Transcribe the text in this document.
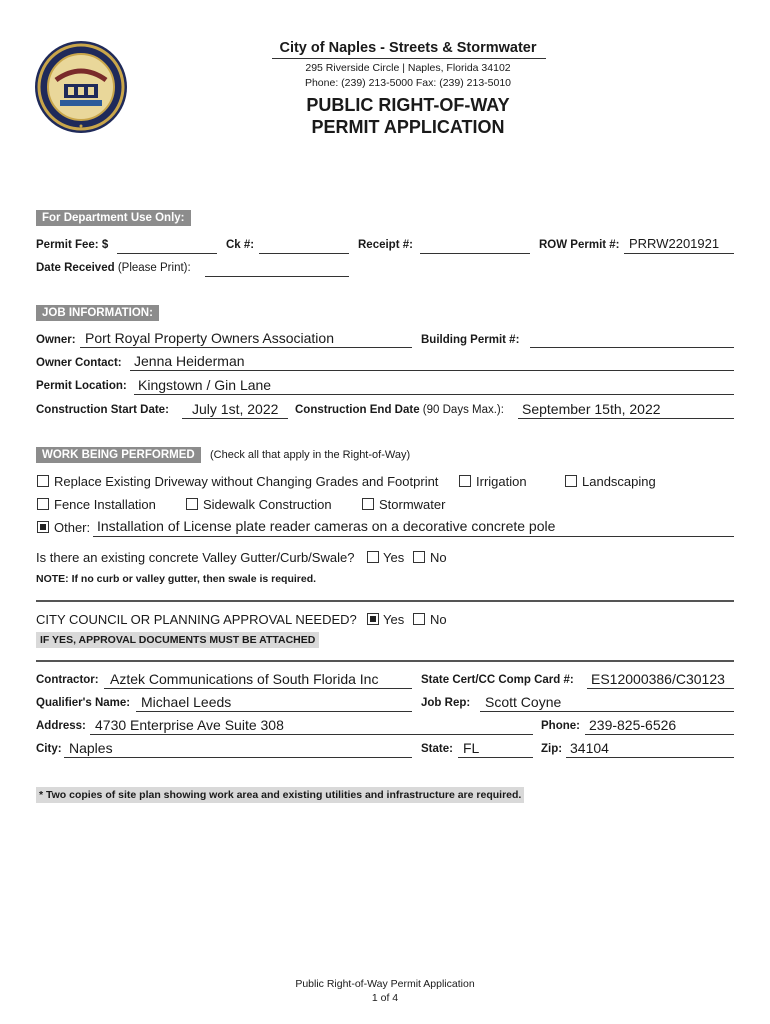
City of Naples - Streets & Stormwater
295 Riverside Circle | Naples, Florida 34102
Phone: (239) 213-5000 Fax: (239) 213-5010
PUBLIC RIGHT-OF-WAY
PERMIT APPLICATION
For Department Use Only:
Permit Fee: $	Ck #:	Receipt #:	ROW Permit #: PRRW2201921
Date Received (Please Print):
JOB INFORMATION:
Owner: Port Royal Property Owners Association	Building Permit #:
Owner Contact: Jenna Heiderman
Permit Location: Kingstown / Gin Lane
Construction Start Date: July 1st, 2022 Construction End Date (90 Days Max.): September 15th, 2022
WORK BEING PERFORMED	(Check all that apply in the Right-of-Way)
Replace Existing Driveway without Changing Grades and Footprint	Irrigation	Landscaping
Fence Installation	Sidewalk Construction	Stormwater
Other: Installation of License plate reader cameras on a decorative concrete pole
Is there an existing concrete Valley Gutter/Curb/Swale? Yes No
NOTE: If no curb or valley gutter, then swale is required.
CITY COUNCIL OR PLANNING APPROVAL NEEDED? Yes No
IF YES, APPROVAL DOCUMENTS MUST BE ATTACHED
Contractor: Aztek Communications of South Florida Inc	State Cert/CC Comp Card #: ES12000386/C30123
Qualifier's Name: Michael Leeds	Job Rep: Scott Coyne
Address: 4730 Enterprise Ave Suite 308	Phone: 239-825-6526
City: Naples	State: FL	Zip: 34104
* Two copies of site plan showing work area and existing utilities and infrastructure are required.
Public Right-of-Way Permit Application
1 of 4
